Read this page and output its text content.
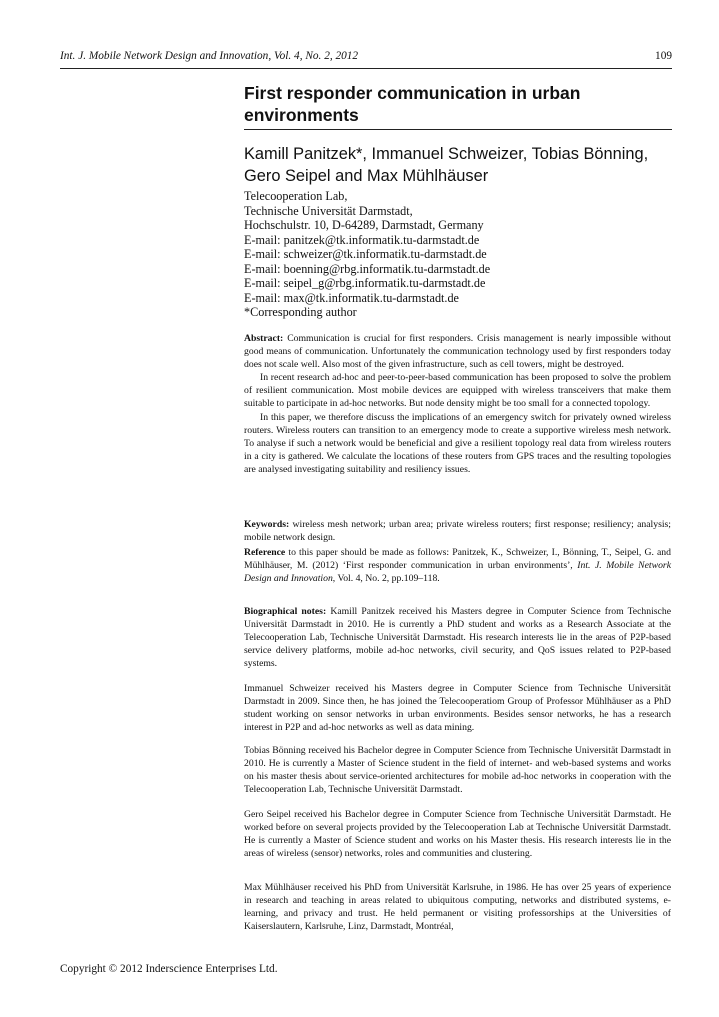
Int. J. Mobile Network Design and Innovation, Vol. 4, No. 2, 2012	109
First responder communication in urban
environments
Kamill Panitzek*, Immanuel Schweizer, Tobias Bönning,
Gero Seipel and Max Mühlhäuser
Telecooperation Lab,
Technische Universität Darmstadt,
Hochschulstr. 10, D-64289, Darmstadt, Germany
E-mail: panitzek@tk.informatik.tu-darmstadt.de
E-mail: schweizer@tk.informatik.tu-darmstadt.de
E-mail: boenning@rbg.informatik.tu-darmstadt.de
E-mail: seipel_g@rbg.informatik.tu-darmstadt.de
E-mail: max@tk.informatik.tu-darmstadt.de
*Corresponding author

Abstract: Communication is crucial for first responders. Crisis management is nearly impossible without good means of communication. Unfortunately the communication technology used by first responders today does not scale well. Also most of the given infrastructure, such as cell towers, might be destroyed.

In recent research ad-hoc and peer-to-peer-based communication has been proposed to solve the problem of resilient communication. Most mobile devices are equipped with wireless transceivers that make them suitable to participate in ad-hoc networks. But node density might be too small for a connected topology.

In this paper, we therefore discuss the implications of an emergency switch for privately owned wireless routers. Wireless routers can transition to an emergency mode to create a supportive wireless mesh network. To analyse if such a network would be beneficial and give a resilient topology real data from wireless routers in a city is gathered. We calculate the locations of these routers from GPS traces and the resulting topologies are analysed investigating suitability and resiliency issues.

Keywords: wireless mesh network; urban area; private wireless routers; first response; resiliency; analysis; mobile network design.

Reference to this paper should be made as follows: Panitzek, K., Schweizer, I., Bönning, T., Seipel, G. and Mühlhäuser, M. (2012) ‘First responder communication in urban environments’, Int. J. Mobile Network Design and Innovation, Vol. 4, No. 2, pp.109–118.

Biographical notes: Kamill Panitzek received his Masters degree in Computer Science from Technische Universität Darmstadt in 2010. He is currently a PhD student and works as a Research Associate at the Telecooperation Lab, Technische Universität Darmstadt. His research interests lie in the areas of P2P-based service delivery platforms, mobile ad-hoc networks, civil security, and QoS issues related to P2P-based systems.

Immanuel Schweizer received his Masters degree in Computer Science from Technische Universität Darmstadt in 2009. Since then, he has joined the Telecooperatiom Group of Professor Mühlhäuser as a PhD student working on sensor networks in urban environments. Besides sensor networks, he has a research interest in P2P and ad-hoc networks as well as data mining.

Tobias Bönning received his Bachelor degree in Computer Science from Technische Universität Darmstadt in 2010. He is currently a Master of Science student in the field of internet- and web-based systems and works on his master thesis about service-oriented architectures for mobile ad-hoc networks in cooperation with the Telecooperation Lab, Technische Universität Darmstadt.

Gero Seipel received his Bachelor degree in Computer Science from Technische Universität Darmstadt. He worked before on several projects provided by the Telecooperation Lab at Technische Universität Darmstadt. He is currently a Master of Science student and works on his Master thesis. His research interests lie in the areas of wireless (sensor) networks, roles and communities and clustering.

Max Mühlhäuser received his PhD from Universität Karlsruhe, in 1986. He has over 25 years of experience in research and teaching in areas related to ubiquitous computing, networks and distributed systems, e-learning, and privacy and trust. He held permanent or visiting professorships at the Universities of Kaiserslautern, Karlsruhe, Linz, Darmstadt, Montréal,

Copyright © 2012 Inderscience Enterprises Ltd.
